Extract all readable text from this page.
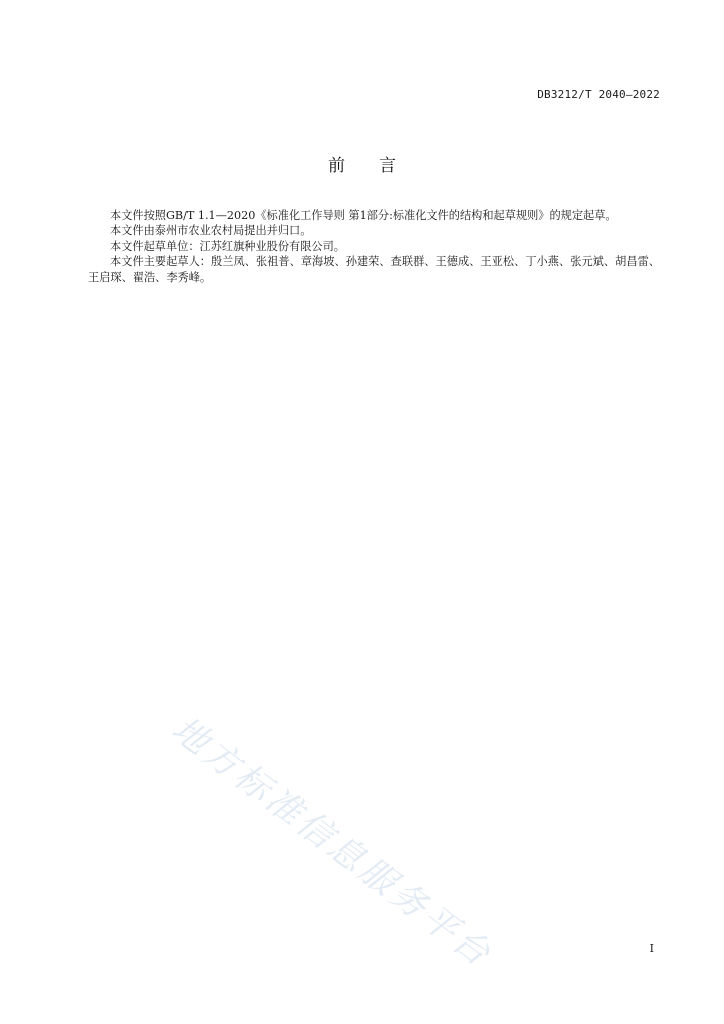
DB3212/T 2040—2022
前 言

本文件按照GB/T 1.1—2020《标准化工作导则 第1部分:标准化文件的结构和起草规则》的规定起草。

本文件由泰州市农业农村局提出并归口。

本文件起草单位：江苏红旗种业股份有限公司。

本文件主要起草人：殷兰凤、张祖普、章海坡、孙建荣、查联群、王德成、王亚松、丁小燕、张元斌、胡昌雷、王启琛、翟浩、李秀峰。

地方标准信息服务平台	I
